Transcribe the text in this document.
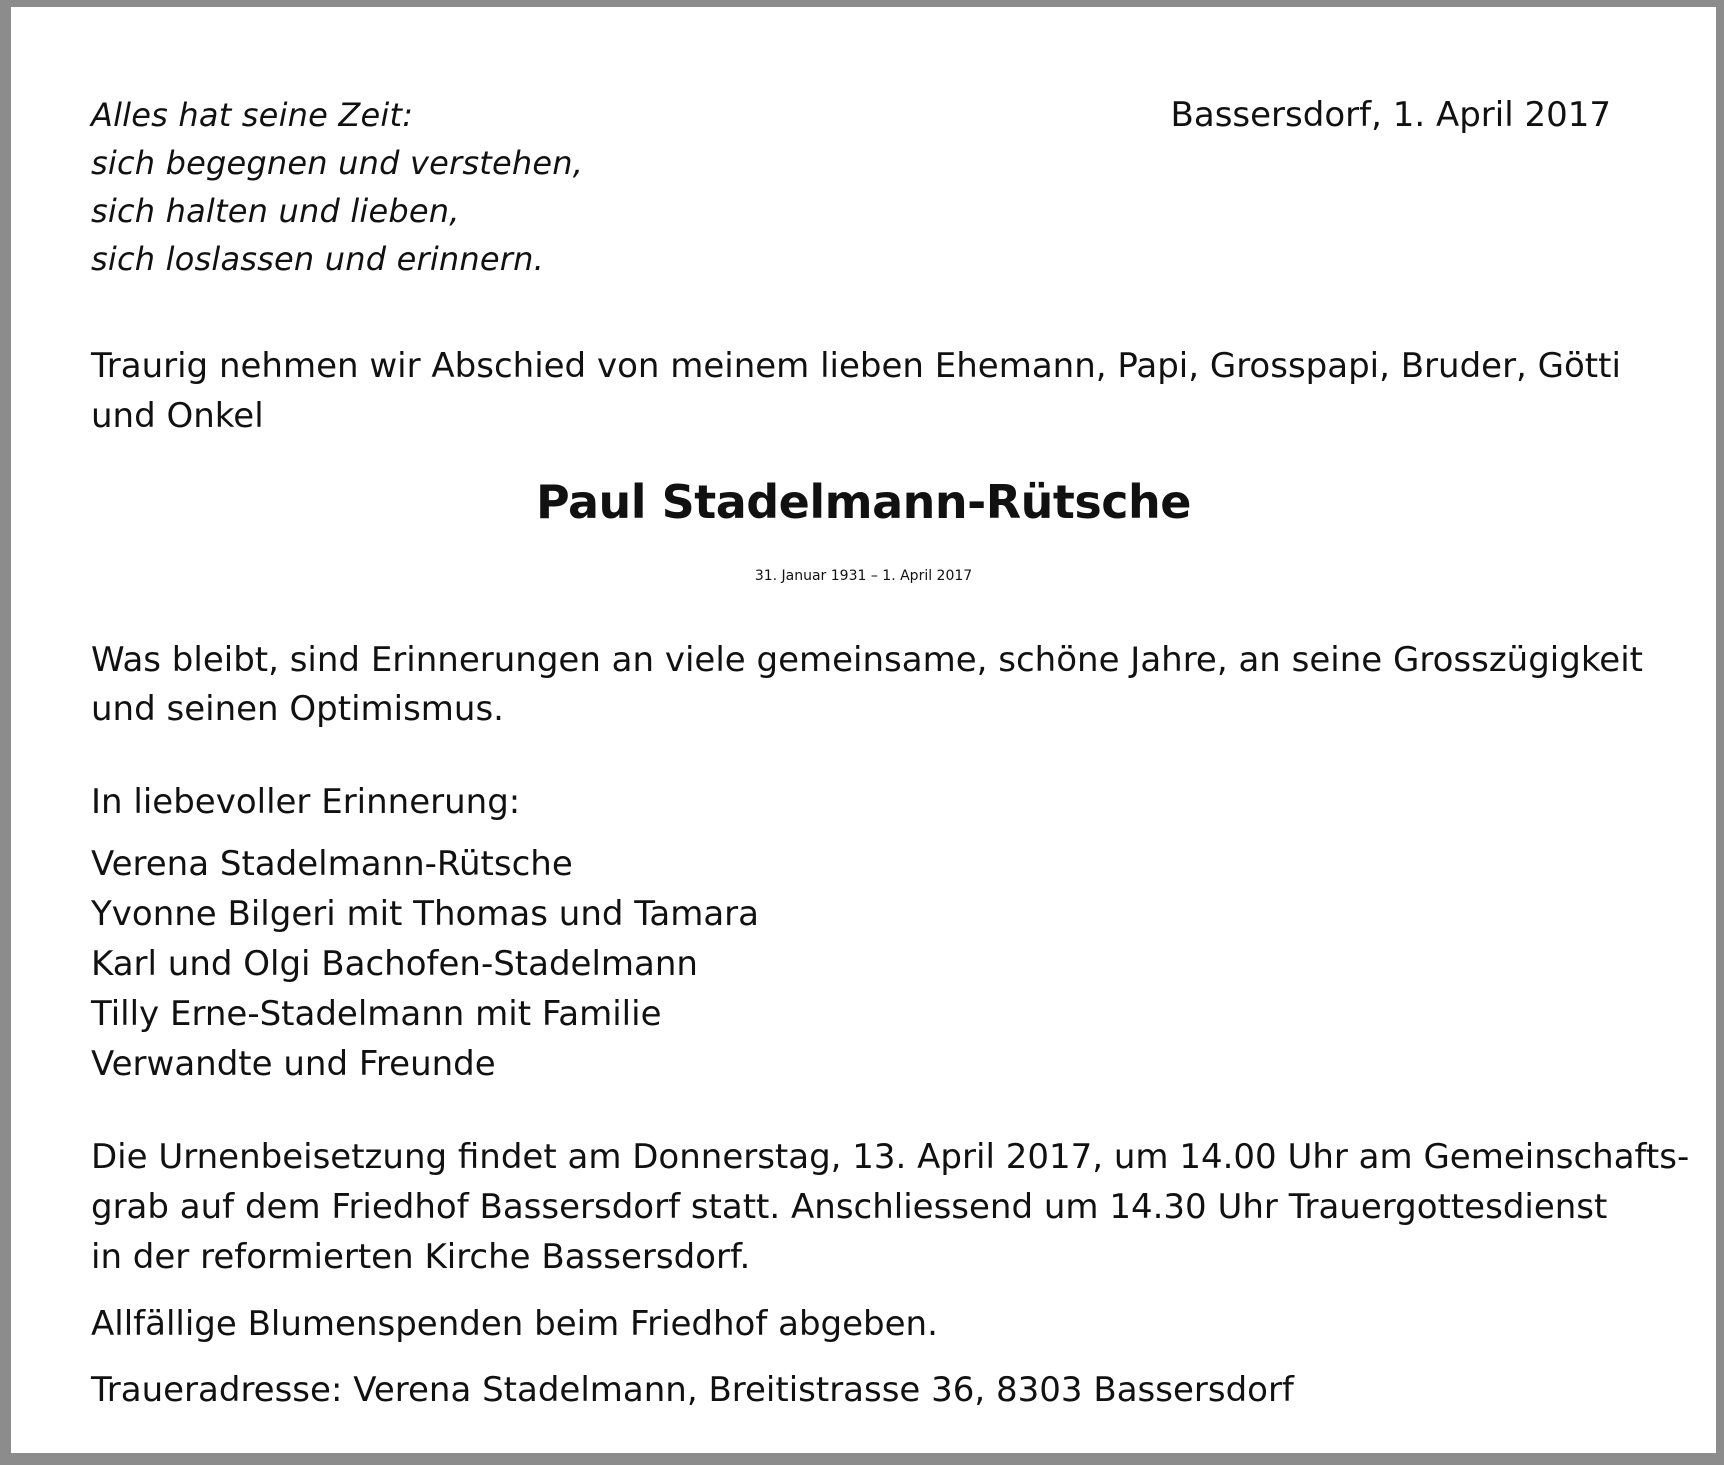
Alles hat seine Zeit:
sich begegnen und verstehen,
sich halten und lieben,
sich loslassen und erinnern.
Bassersdorf, 1. April 2017
Traurig nehmen wir Abschied von meinem lieben Ehemann, Papi, Grosspapi, Bruder, Götti
und Onkel
Paul Stadelmann-Rütsche
31. Januar 1931 – 1. April 2017
Was bleibt, sind Erinnerungen an viele gemeinsame, schöne Jahre, an seine Grosszügigkeit
und seinen Optimismus.
In liebevoller Erinnerung:
Verena Stadelmann-Rütsche
Yvonne Bilgeri mit Thomas und Tamara
Karl und Olgi Bachofen-Stadelmann
Tilly Erne-Stadelmann mit Familie
Verwandte und Freunde
Die Urnenbeisetzung findet am Donnerstag, 13. April 2017, um 14.00 Uhr am Gemeinschafts-
grab auf dem Friedhof Bassersdorf statt. Anschliessend um 14.30 Uhr Trauergottesdienst
in der reformierten Kirche Bassersdorf.
Allfällige Blumenspenden beim Friedhof abgeben.
Traueradresse: Verena Stadelmann, Breitistrasse 36, 8303 Bassersdorf
